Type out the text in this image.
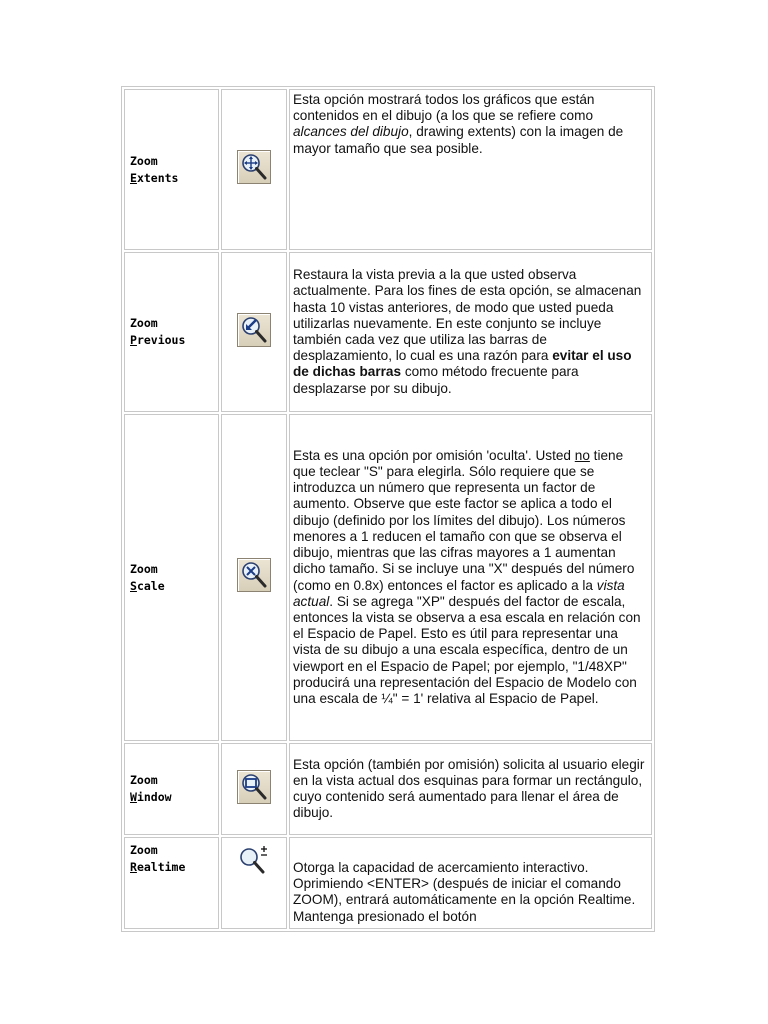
Zoom
Extents		Esta opción mostrará todos los gráficos que están contenidos en el dibujo (a los que se refiere como alcances del dibujo, drawing extents) con la imagen de mayor tamaño que sea posible.

Zoom
Previous		Restaura la vista previa a la que usted observa actualmente. Para los fines de esta opción, se almacenan hasta 10 vistas anteriores, de modo que usted pueda utilizarlas nuevamente. En este conjunto se incluye también cada vez que utiliza las barras de desplazamiento, lo cual es una razón para evitar el uso de dichas barras como método frecuente para desplazarse por su dibujo.

Zoom
Scale		Esta es una opción por omisión 'oculta'. Usted no tiene que teclear "S" para elegirla. Sólo requiere que se introduzca un número que representa un factor de aumento. Observe que este factor se aplica a todo el dibujo (definido por los límites del dibujo). Los números menores a 1 reducen el tamaño con que se observa el dibujo, mientras que las cifras mayores a 1 aumentan dicho tamaño. Si se incluye una "X" después del número (como en 0.8x) entonces el factor es aplicado a la vista actual. Si se agrega "XP" después del factor de escala, entonces la vista se observa a esa escala en relación con el Espacio de Papel. Esto es útil para representar una vista de su dibujo a una escala específica, dentro de un viewport en el Espacio de Papel; por ejemplo, "1/48XP" producirá una representación del Espacio de Modelo con una escala de ¼" = 1' relativa al Espacio de Papel.

Zoom
Window		Esta opción (también por omisión) solicita al usuario elegir en la vista actual dos esquinas para formar un rectángulo, cuyo contenido será aumentado para llenar el área de dibujo.

Zoom
Realtime		Otorga la capacidad de acercamiento interactivo. Oprimiendo <ENTER> (después de iniciar el comando ZOOM), entrará automáticamente en la opción Realtime. Mantenga presionado el botón
